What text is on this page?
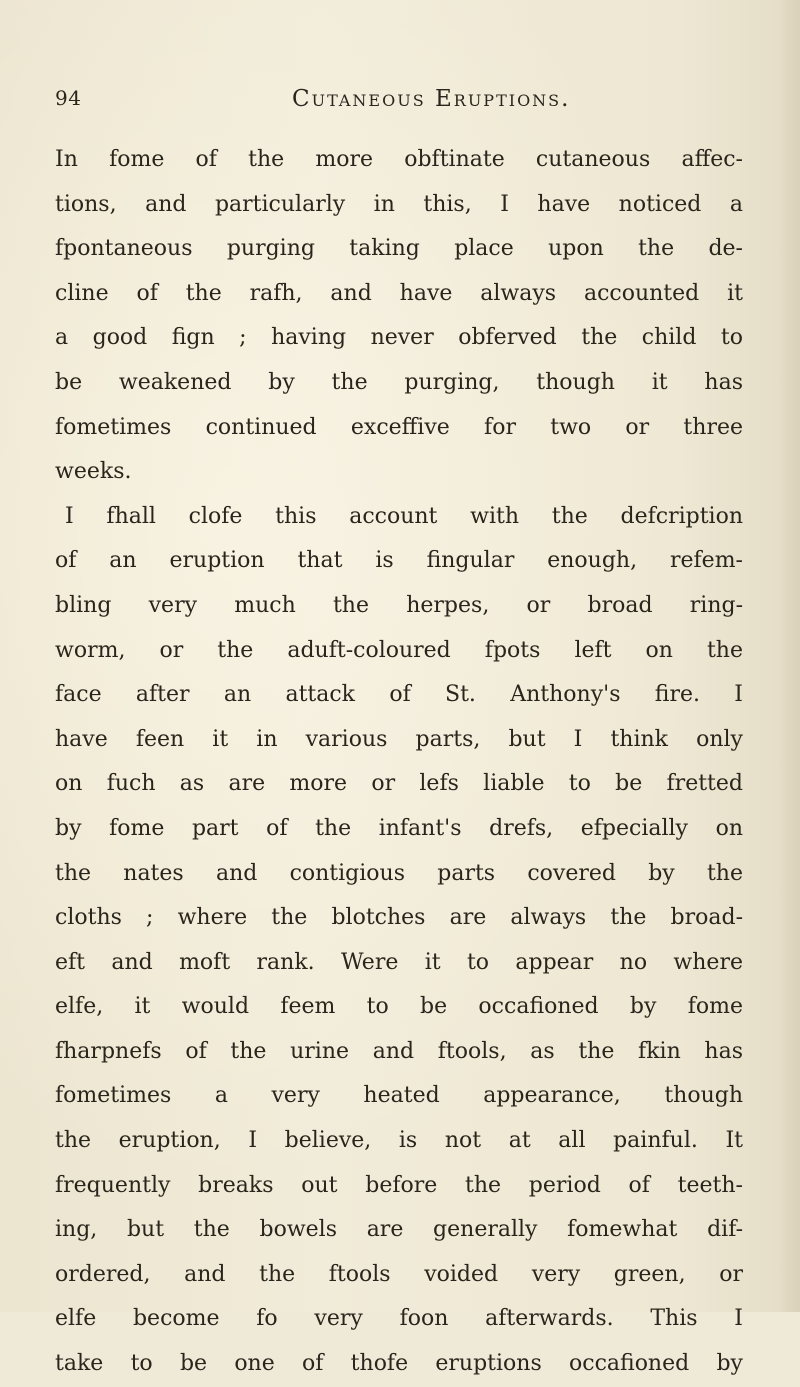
94	Cutaneous Eruptions.
In fome of the more obftinate cutaneous affec-
tions, and particularly in this, I have noticed a
fpontaneous purging taking place upon the de-
cline of the rafh, and have always accounted it
a good fign ; having never obferved the child to
be weakened by the purging, though it has
fometimes continued exceffive for two or three
weeks.
I fhall clofe this account with the defcription
of an eruption that is fingular enough, refem-
bling very much the herpes, or broad ring-
worm, or the aduft-coloured fpots left on the
face after an attack of St. Anthony's fire. I
have feen it in various parts, but I think only
on fuch as are more or lefs liable to be fretted
by fome part of the infant's drefs, efpecially on
the nates and contigious parts covered by the
cloths ; where the blotches are always the broad-
eft and moft rank. Were it to appear no where
elfe, it would feem to be occafioned by fome
fharpnefs of the urine and ftools, as the fkin has
fometimes a very heated appearance, though
the eruption, I believe, is not at all painful. It
frequently breaks out before the period of teeth-
ing, but the bowels are generally fomewhat dif-
ordered, and the ftools voided very green, or
elfe become fo very foon afterwards. This I
take to be one of thofe eruptions occafioned by
